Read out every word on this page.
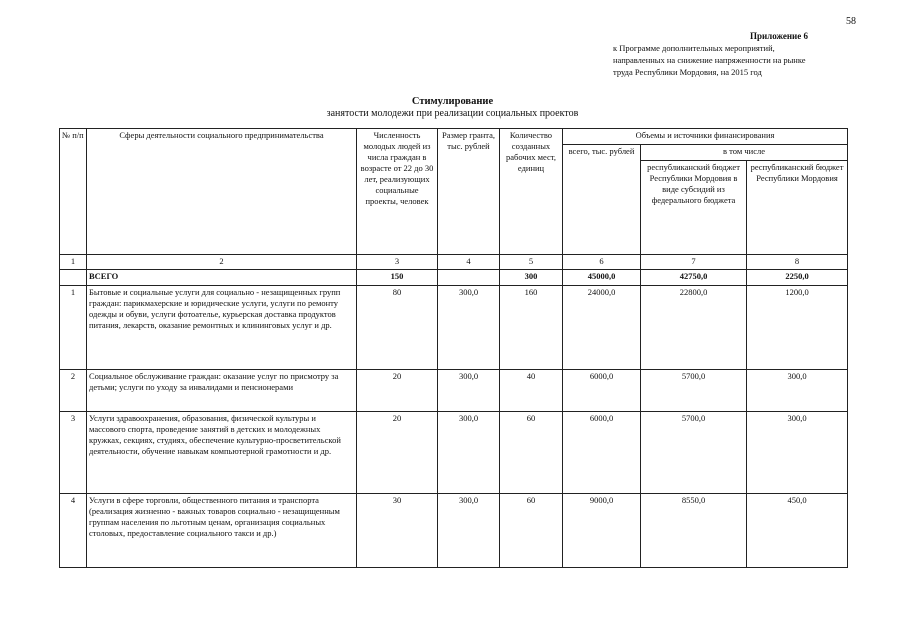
58
Приложение 6
к Программе дополнительных мероприятий,
направленных на снижение напряженности на рынке
труда Республики Мордовия, на 2015 год
Стимулирование
занятости молодежи при реализации социальных проектов
№ п/п	Сферы деятельности социального предпринимательства	Численность молодых людей из числа граждан в возрасте от 22 до 30 лет, реализующих социальные проекты, человек	Размер гранта, тыс. рублей	Количество созданных рабочих мест, единиц	Объемы и источники финансирования		
					всего, тыс. рублей	в том числе	
						республиканский бюджет Республики Мордовия в виде субсидий из федерального бюджета	республиканский бюджет Республики Мордовия
1	2	3	4	5	6	7	8
	ВСЕГО	150		300	45000,0	42750,0	2250,0
1	Бытовые и социальные услуги для социально - незащищенных групп граждан: парикмахерские и юридические услуги, услуги по ремонту одежды и обуви, услуги фотоателье, курьерская доставка продуктов питания, лекарств, оказание ремонтных и клининговых услуг и др.	80	300,0	160	24000,0	22800,0	1200,0
2	Социальное обслуживание граждан: оказание услуг по присмотру за детьми; услуги по уходу за инвалидами и пенсионерами	20	300,0	40	6000,0	5700,0	300,0
3	Услуги здравоохранения, образования, физической культуры и массового спорта, проведение занятий в детских и молодежных кружках, секциях, студиях, обеспечение культурно-просветительской деятельности, обучение навыкам компьютерной грамотности и др.	20	300,0	60	6000,0	5700,0	300,0
4	Услуги в сфере торговли, общественного питания и транспорта (реализация жизненно - важных товаров социально - незащищенным группам населения по льготным ценам, организация социальных столовых, предоставление социального такси и др.)	30	300,0	60	9000,0	8550,0	450,0
